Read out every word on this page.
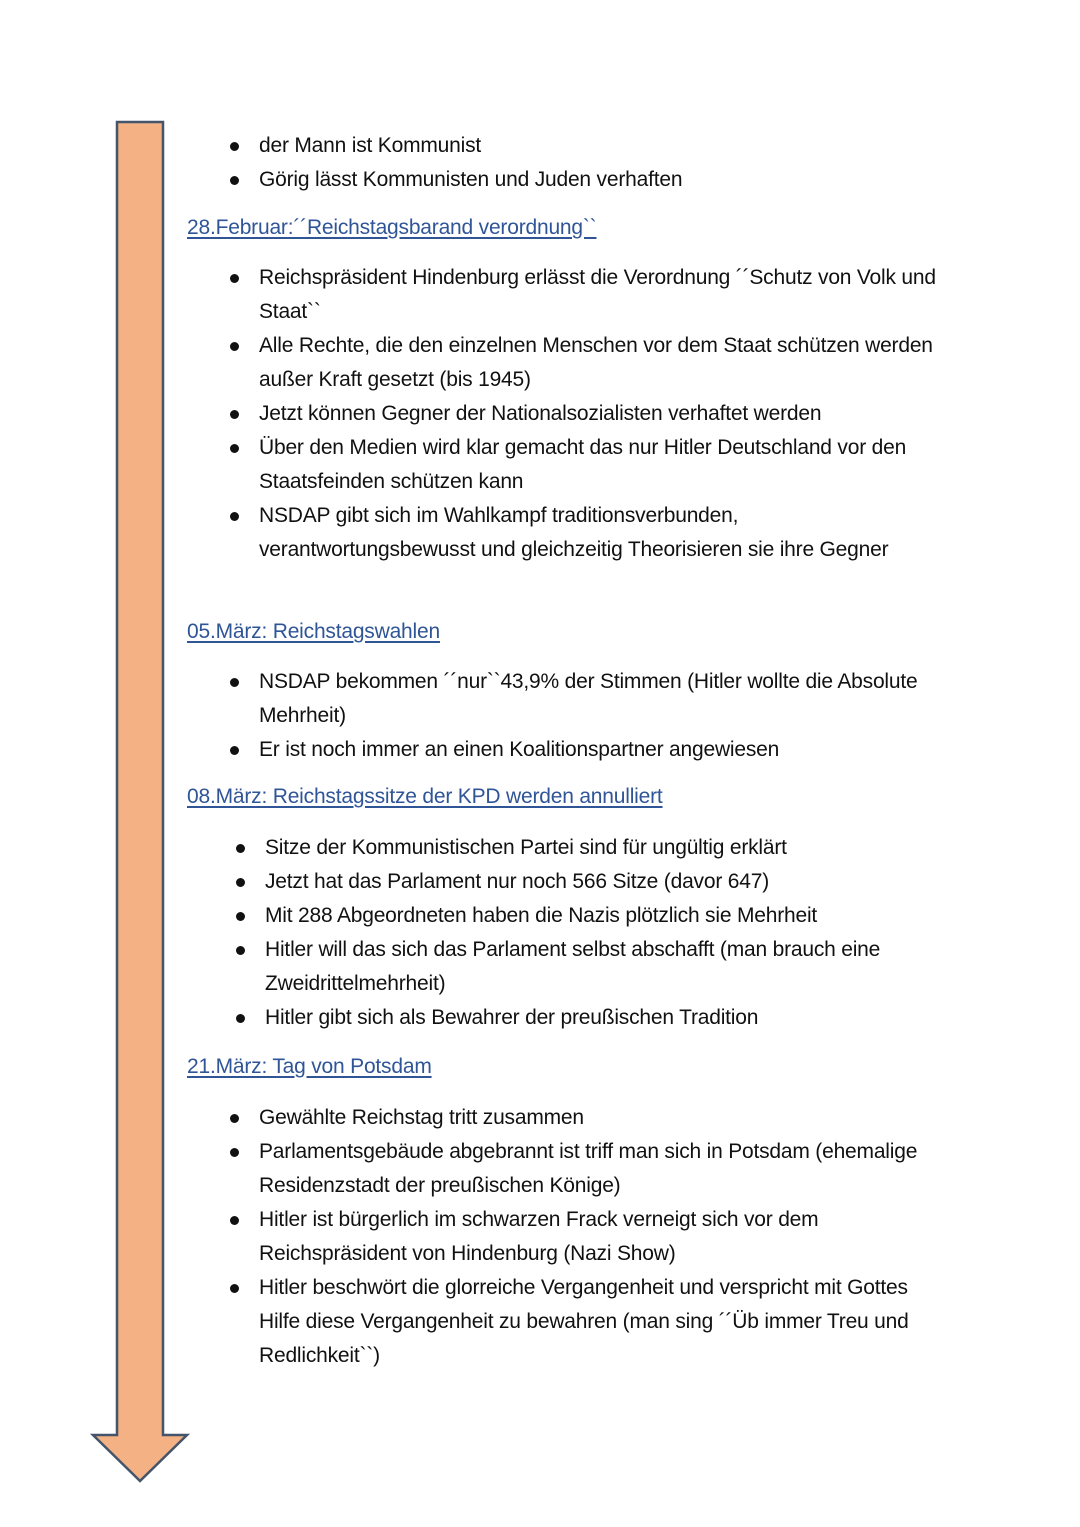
der Mann ist Kommunist
Görig lässt Kommunisten und Juden verhaften
28.Februar:´´Reichstagsbarand verordnung``
Reichspräsident Hindenburg erlässt die Verordnung ´´Schutz von Volk und Staat``
Alle Rechte, die den einzelnen Menschen vor dem Staat schützen werden außer Kraft gesetzt (bis 1945)
Jetzt können Gegner der Nationalsozialisten verhaftet werden
Über den Medien wird klar gemacht das nur Hitler Deutschland vor den Staatsfeinden schützen kann
NSDAP gibt sich im Wahlkampf traditionsverbunden, verantwortungsbewusst und gleichzeitig Theorisieren sie ihre Gegner
05.März: Reichstagswahlen
NSDAP bekommen ´´nur``43,9% der Stimmen (Hitler wollte die Absolute Mehrheit)
Er ist noch immer an einen Koalitionspartner angewiesen
08.März: Reichstagssitze der KPD werden annulliert
Sitze der Kommunistischen Partei sind für ungültig erklärt
Jetzt hat das Parlament nur noch 566 Sitze (davor 647)
Mit 288 Abgeordneten haben die Nazis plötzlich sie Mehrheit
Hitler will das sich das Parlament selbst abschafft (man brauch eine Zweidrittelmehrheit)
Hitler gibt sich als Bewahrer der preußischen Tradition
21.März: Tag von Potsdam
Gewählte Reichstag tritt zusammen
Parlamentsgebäude abgebrannt ist triff man sich in Potsdam (ehemalige Residenzstadt der preußischen Könige)
Hitler ist bürgerlich im schwarzen Frack verneigt sich vor dem Reichspräsident von Hindenburg (Nazi Show)
Hitler beschwört die glorreiche Vergangenheit und verspricht mit Gottes Hilfe diese Vergangenheit zu bewahren (man sing ´´Üb immer Treu und Redlichkeit``)
